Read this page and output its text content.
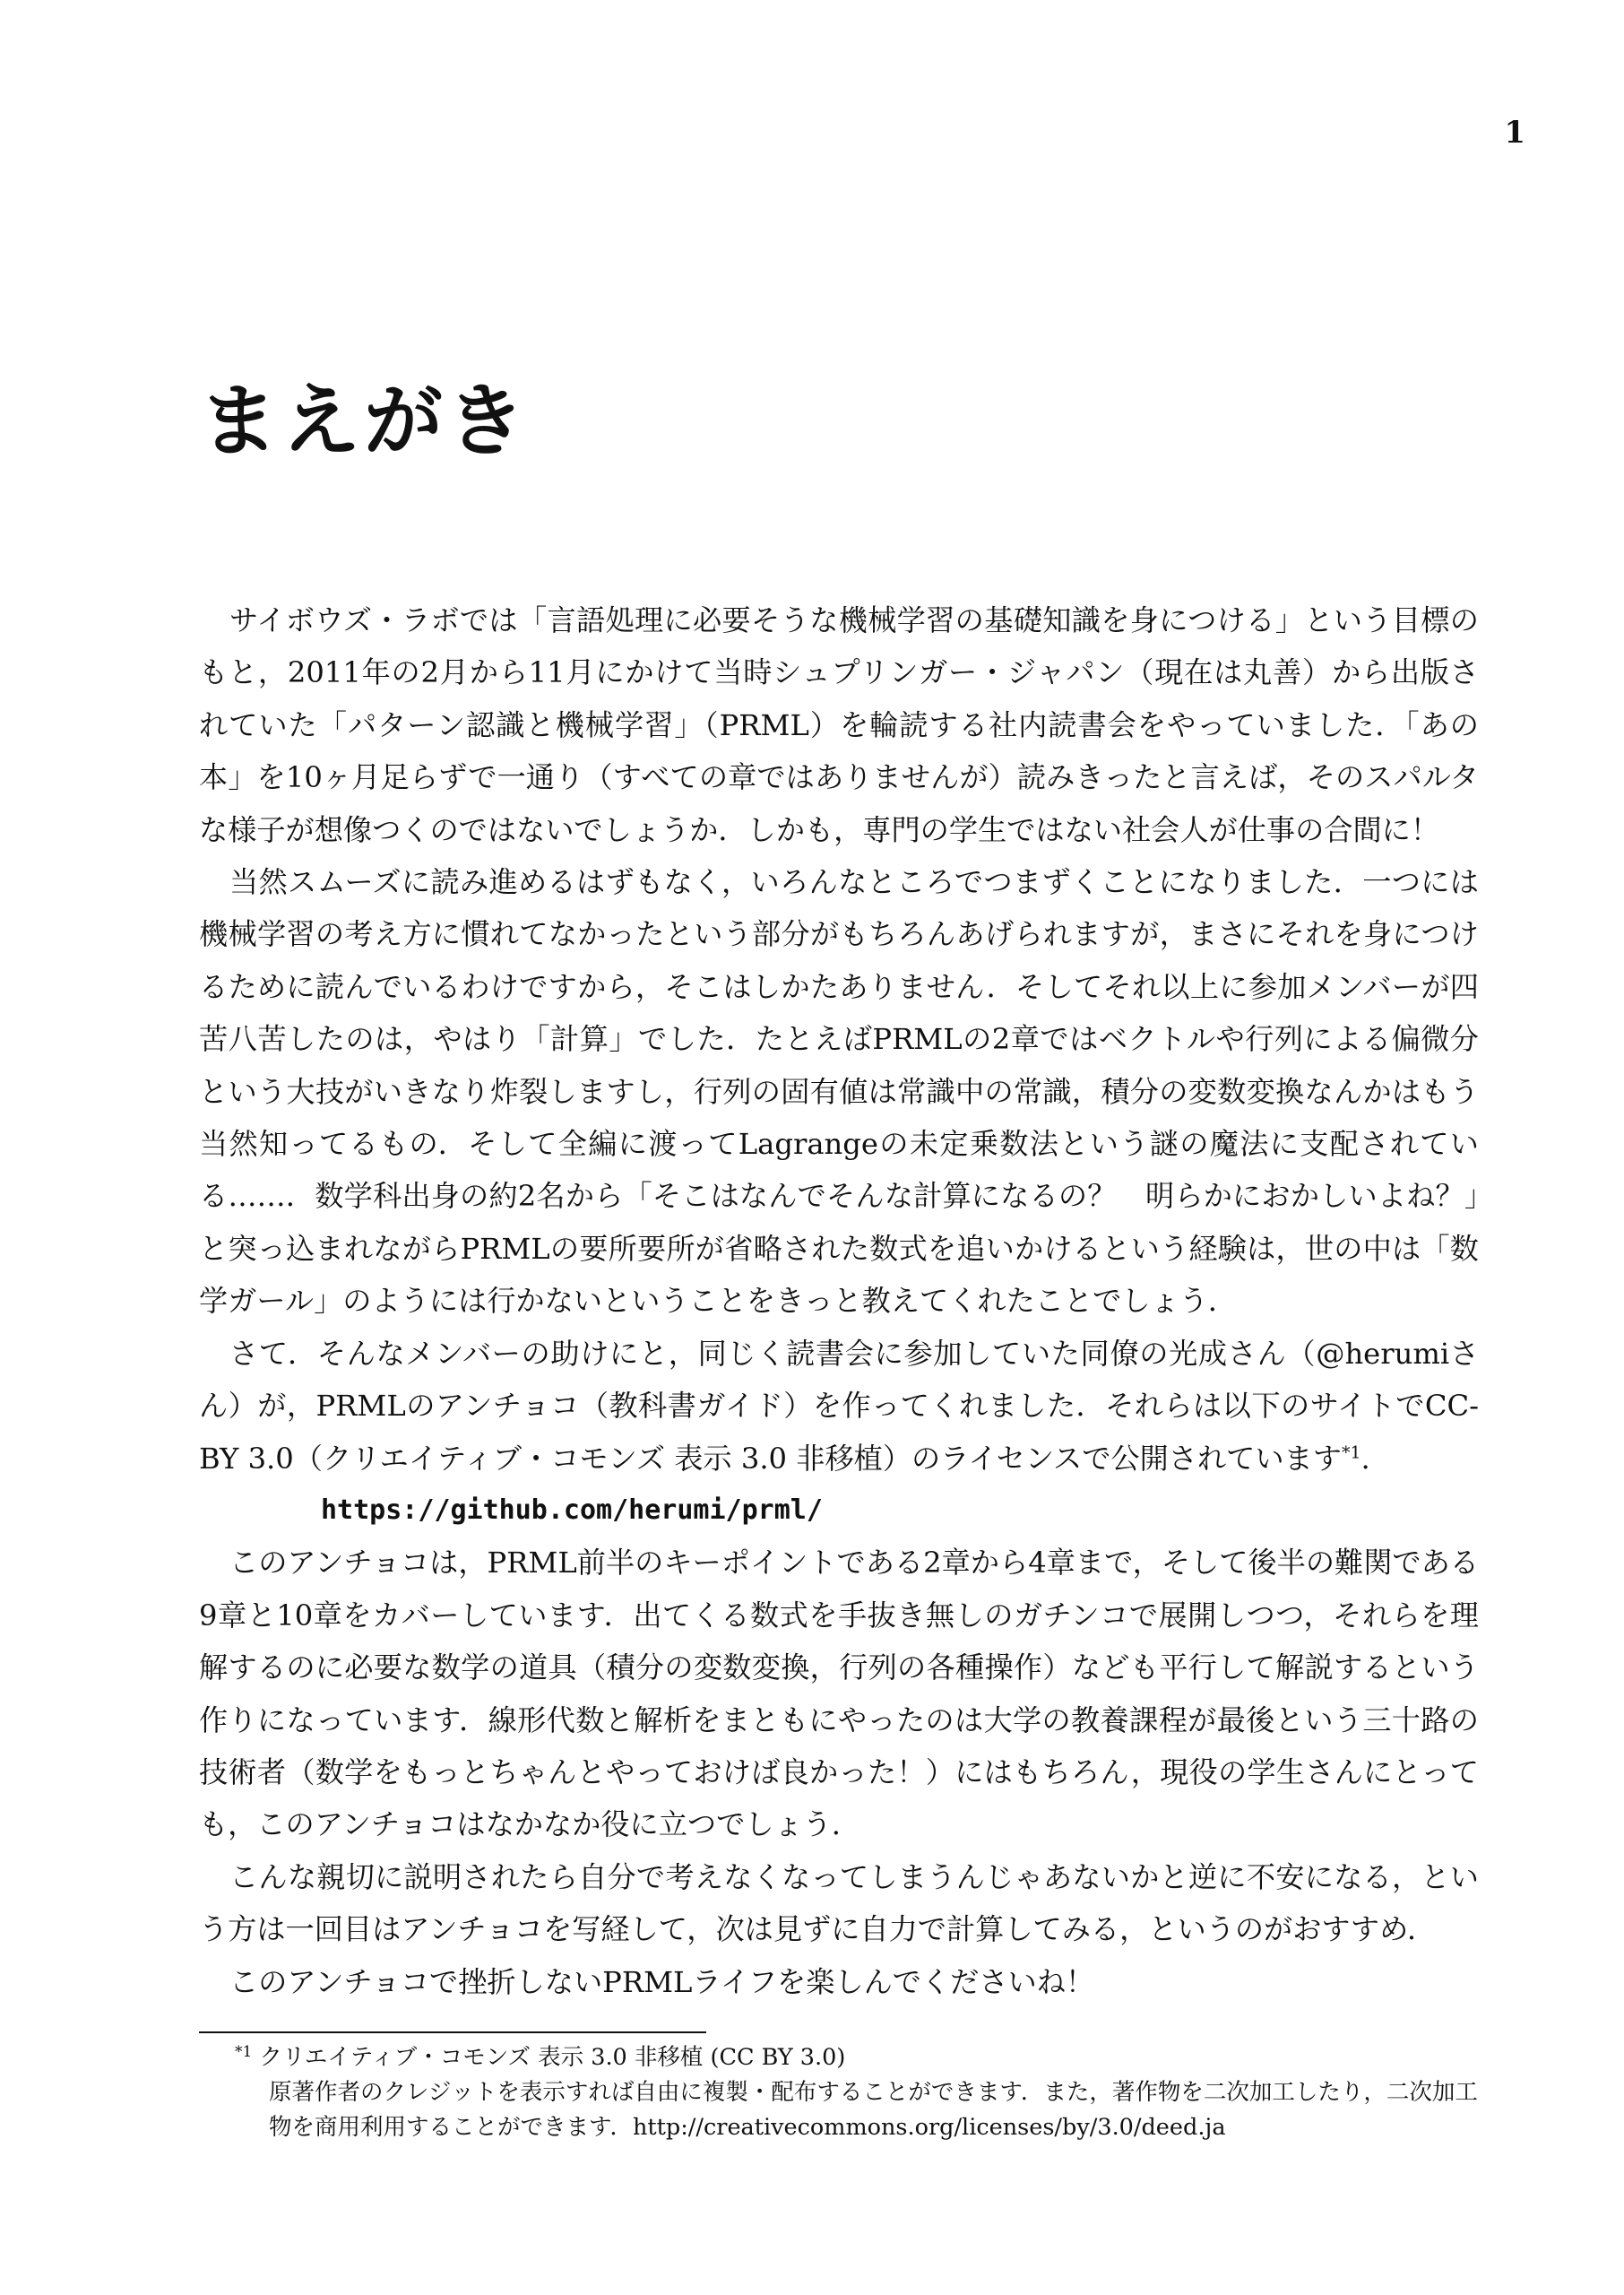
1
まえがき

サイボウズ・ラボでは「言語処理に必要そうな機械学習の基礎知識を身につける」という目標のもと，2011年の2月から11月にかけて当時シュプリンガー・ジャパン（現在は丸善）から出版されていた「パターン認識と機械学習」（PRML）を輪読する社内読書会をやっていました．「あの本」を10ヶ月足らずで一通り（すべての章ではありませんが）読みきったと言えば，そのスパルタな様子が想像つくのではないでしょうか．しかも，専門の学生ではない社会人が仕事の合間に！

当然スムーズに読み進めるはずもなく，いろんなところでつまずくことになりました．一つには機械学習の考え方に慣れてなかったという部分がもちろんあげられますが，まさにそれを身につけるために読んでいるわけですから，そこはしかたありません．そしてそれ以上に参加メンバーが四苦八苦したのは，やはり「計算」でした．たとえばPRMLの2章ではベクトルや行列による偏微分という大技がいきなり炸裂しますし，行列の固有値は常識中の常識，積分の変数変換なんかはもう当然知ってるもの．そして全編に渡ってLagrangeの未定乗数法という謎の魔法に支配されている……．数学科出身の約2名から「そこはなんでそんな計算になるの？　明らかにおかしいよね？」と突っ込まれながらPRMLの要所要所が省略された数式を追いかけるという経験は，世の中は「数学ガール」のようには行かないということをきっと教えてくれたことでしょう．

さて．そんなメンバーの助けにと，同じく読書会に参加していた同僚の光成さん（@herumiさん）が，PRMLのアンチョコ（教科書ガイド）を作ってくれました．それらは以下のサイトでCC-BY 3.0（クリエイティブ・コモンズ 表示 3.0 非移植）のライセンスで公開されています$^{*1}$.

https://github.com/herumi/prml/

このアンチョコは，PRML前半のキーポイントである2章から4章まで，そして後半の難関である9章と10章をカバーしています．出てくる数式を手抜き無しのガチンコで展開しつつ，それらを理解するのに必要な数学の道具（積分の変数変換，行列の各種操作）なども平行して解説するという作りになっています．線形代数と解析をまともにやったのは大学の教養課程が最後という三十路の技術者（数学をもっとちゃんとやっておけば良かった！）にはもちろん，現役の学生さんにとっても，このアンチョコはなかなか役に立つでしょう．

こんな親切に説明されたら自分で考えなくなってしまうんじゃあないかと逆に不安になる，という方は一回目はアンチョコを写経して，次は見ずに自力で計算してみる，というのがおすすめ．

このアンチョコで挫折しないPRMLライフを楽しんでくださいね！

$^{*1}$ クリエイティブ・コモンズ 表示 3.0 非移植 (CC BY 3.0)

原著作者のクレジットを表示すれば自由に複製・配布することができます．また，著作物を二次加工したり，二次加工物を商用利用することができます．http://creativecommons.org/licenses/by/3.0/deed.ja
